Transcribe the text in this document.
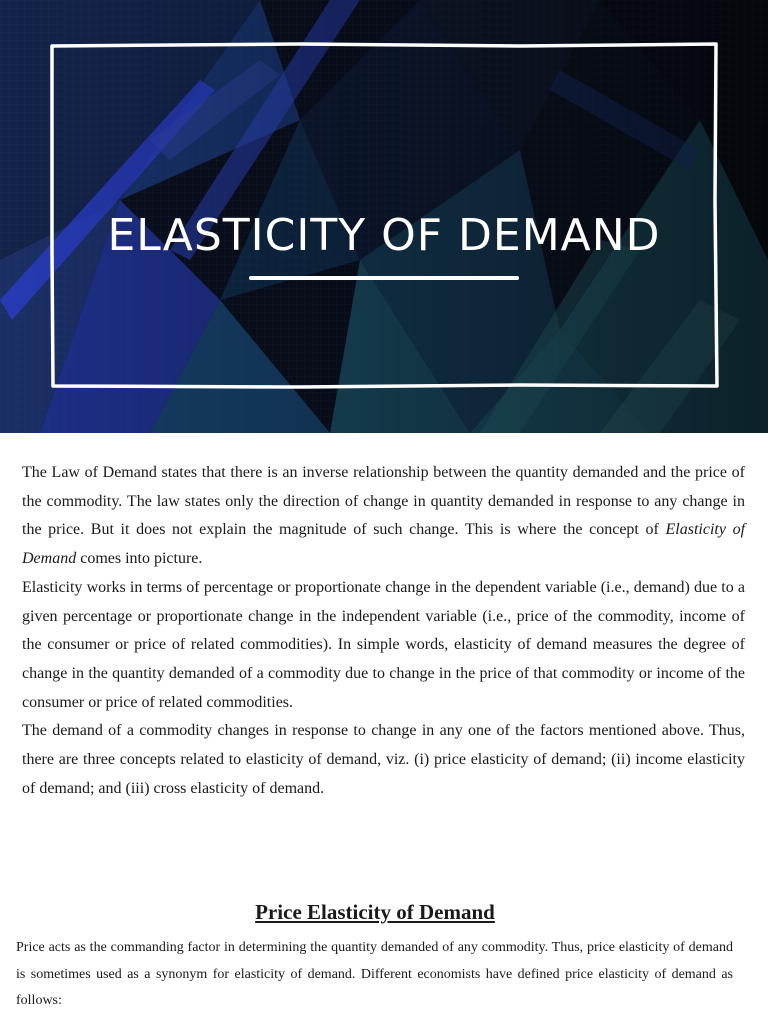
ELASTICITY OF DEMAND

The Law of Demand states that there is an inverse relationship between the quantity demanded and the price of the commodity. The law states only the direction of change in quantity demanded in response to any change in the price. But it does not explain the magnitude of such change. This is where the concept of Elasticity of Demand comes into picture.

Elasticity works in terms of percentage or proportionate change in the dependent variable (i.e., demand) due to a given percentage or proportionate change in the independent variable (i.e., price of the commodity, income of the consumer or price of related commodities). In simple words, elasticity of demand measures the degree of change in the quantity demanded of a commodity due to change in the price of that commodity or income of the consumer or price of related commodities.

The demand of a commodity changes in response to change in any one of the factors mentioned above. Thus, there are three concepts related to elasticity of demand, viz. (i) price elasticity of demand; (ii) income elasticity of demand; and (iii) cross elasticity of demand.

Price Elasticity of Demand

Price acts as the commanding factor in determining the quantity demanded of any commodity. Thus, price elasticity of demand is sometimes used as a synonym for elasticity of demand. Different economists have defined price elasticity of demand as follows:
